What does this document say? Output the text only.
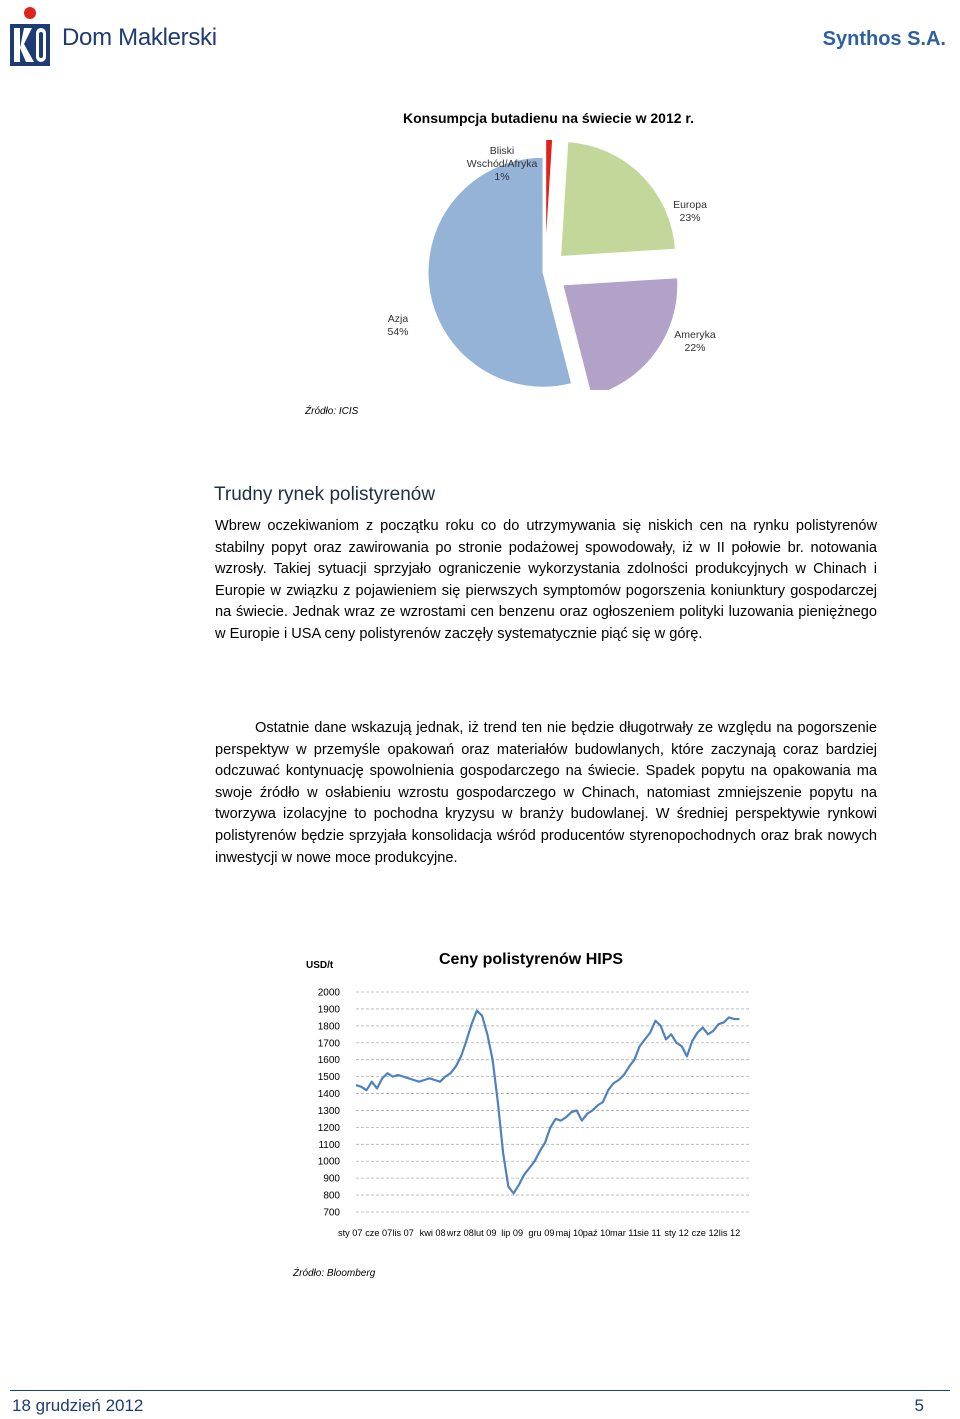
Dom Maklerski	Synthos S.A.
Konsumpcja butadienu na świecie w 2012 r.
Bliski Wschód/Afryka 1%
Europa 23%
Ameryka 22%
Azja 54%
Źródło: ICIS
Trudny rynek polistyrenów
Wbrew oczekiwaniom z początku roku co do utrzymywania się niskich cen na rynku polistyrenów stabilny popyt oraz zawirowania po stronie podażowej spowodowały, iż w II połowie br. notowania wzrosły. Takiej sytuacji sprzyjało ograniczenie wykorzystania zdolności produkcyjnych w Chinach i Europie w związku z pojawieniem się pierwszych symptomów pogorszenia koniunktury gospodarczej na świecie. Jednak wraz ze wzrostami cen benzenu oraz ogłoszeniem polityki luzowania pieniężnego w Europie i USA ceny polistyrenów zaczęły systematycznie piąć się w górę.
Ostatnie dane wskazują jednak, iż trend ten nie będzie długotrwały ze względu na pogorszenie perspektyw w przemyśle opakowań oraz materiałów budowlanych, które zaczynają coraz bardziej odczuwać kontynuację spowolnienia gospodarczego na świecie. Spadek popytu na opakowania ma swoje źródło w osłabieniu wzrostu gospodarczego w Chinach, natomiast zmniejszenie popytu na tworzywa izolacyjne to pochodna kryzysu w branży budowlanej. W średniej perspektywie rynkowi polistyrenów będzie sprzyjała konsolidacja wśród producentów styrenopochodnych oraz brak nowych inwestycji w nowe moce produkcyjne.
USD/t	Ceny polistyrenów HIPS
2000
1900
1800
1700
1600
1500
1400
1300
1200
1100
1000
900
800
700
sty 07 cze 07 lis 07 kwi 08 wrz 08 lut 09 lip 09 gru 09 maj 10 paź 10 mar 11 sie 11 sty 12 cze 12 lis 12
Źródło: Bloomberg
18 grudzień 2012	5
